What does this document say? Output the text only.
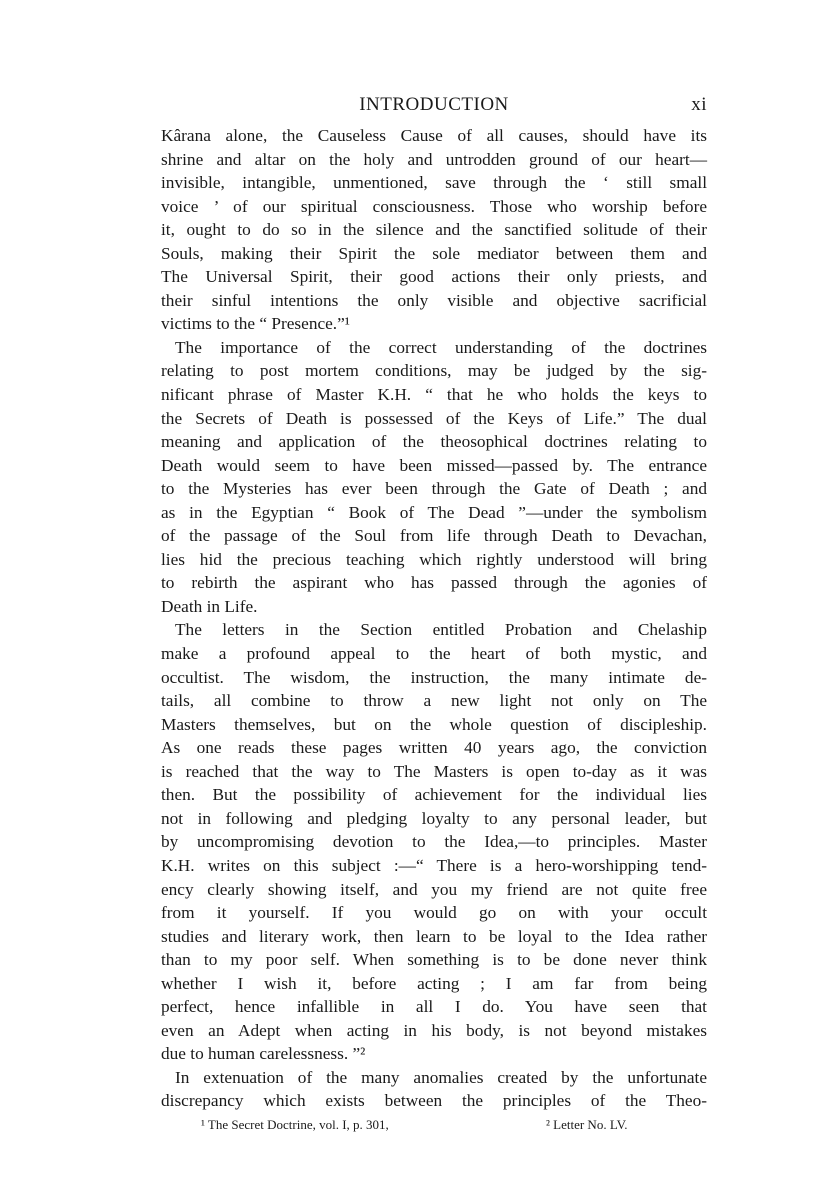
INTRODUCTION	xi
Kârana alone, the Causeless Cause of all causes, should have its
shrine and altar on the holy and untrodden ground of our heart—
invisible, intangible, unmentioned, save through the ‘ still small
voice ’ of our spiritual consciousness. Those who worship before
it, ought to do so in the silence and the sanctified solitude of their
Souls, making their Spirit the sole mediator between them and
The Universal Spirit, their good actions their only priests, and
their sinful intentions the only visible and objective sacrificial
victims to the “ Presence.”¹
The importance of the correct understanding of the doctrines
relating to post mortem conditions, may be judged by the sig-
nificant phrase of Master K.H. “ that he who holds the keys to
the Secrets of Death is possessed of the Keys of Life.” The dual
meaning and application of the theosophical doctrines relating to
Death would seem to have been missed—passed by. The entrance
to the Mysteries has ever been through the Gate of Death ; and
as in the Egyptian “ Book of The Dead ”—under the symbolism
of the passage of the Soul from life through Death to Devachan,
lies hid the precious teaching which rightly understood will bring
to rebirth the aspirant who has passed through the agonies of
Death in Life.
The letters in the Section entitled Probation and Chelaship
make a profound appeal to the heart of both mystic, and
occultist. The wisdom, the instruction, the many intimate de-
tails, all combine to throw a new light not only on The
Masters themselves, but on the whole question of discipleship.
As one reads these pages written 40 years ago, the conviction
is reached that the way to The Masters is open to-day as it was
then. But the possibility of achievement for the individual lies
not in following and pledging loyalty to any personal leader, but
by uncompromising devotion to the Idea,—to principles. Master
K.H. writes on this subject :—“ There is a hero-worshipping tend-
ency clearly showing itself, and you my friend are not quite free
from it yourself. If you would go on with your occult
studies and literary work, then learn to be loyal to the Idea rather
than to my poor self. When something is to be done never think
whether I wish it, before acting ; I am far from being
perfect, hence infallible in all I do. You have seen that
even an Adept when acting in his body, is not beyond mistakes
due to human carelessness. ”²
In extenuation of the many anomalies created by the unfortunate
discrepancy which exists between the principles of the Theo-
¹ The Secret Doctrine, vol. I, p. 301,	² Letter No. LV.
